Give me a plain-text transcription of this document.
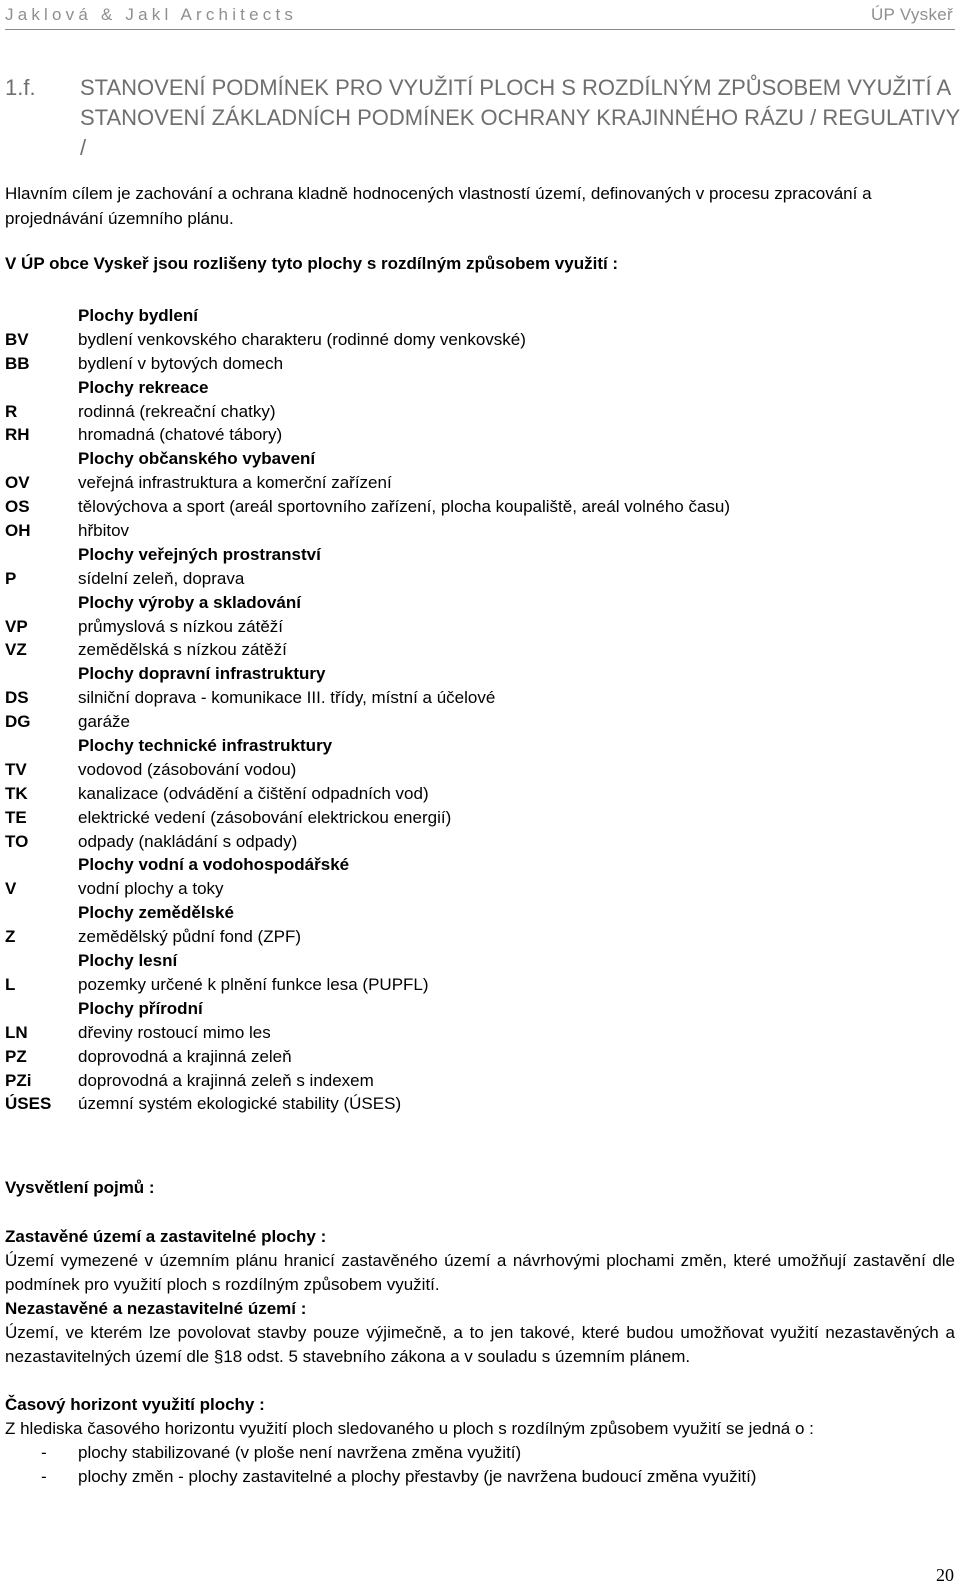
Jaklová & Jakl Architects	ÚP Vyskeř
1.f. STANOVENÍ PODMÍNEK PRO VYUŽITÍ PLOCH S ROZDÍLNÝM ZPŮSOBEM VYUŽITÍ A STANOVENÍ ZÁKLADNÍCH PODMÍNEK OCHRANY KRAJINNÉHO RÁZU / REGULATIVY /
Hlavním cílem je zachování a ochrana kladně hodnocených vlastností území, definovaných v procesu zpracování a projednávání územního plánu.
V ÚP obce Vyskeř jsou rozlišeny tyto plochy s rozdílným způsobem využití :
Plochy bydlení
BV	bydlení venkovského charakteru (rodinné domy venkovské)
BB	bydlení v bytových domech
Plochy rekreace
R	rodinná (rekreační chatky)
RH	hromadná (chatové tábory)
Plochy občanského vybavení
OV	veřejná infrastruktura a komerční zařízení
OS	tělovýchova a sport (areál sportovního zařízení, plocha koupaliště, areál volného času)
OH	hřbitov
Plochy veřejných prostranství
P	sídelní zeleň, doprava
Plochy výroby a skladování
VP	průmyslová s nízkou zátěží
VZ	zemědělská s nízkou zátěží
Plochy dopravní infrastruktury
DS	silniční doprava - komunikace III. třídy, místní a účelové
DG	garáže
Plochy technické infrastruktury
TV	vodovod (zásobování vodou)
TK	kanalizace (odvádění a čištění odpadních vod)
TE	elektrické vedení (zásobování elektrickou energií)
TO	odpady (nakládání s odpady)
Plochy vodní a vodohospodářské
V	vodní plochy a toky
Plochy zemědělské
Z	zemědělský půdní fond (ZPF)
Plochy lesní
L	pozemky určené k plnění funkce lesa (PUPFL)
Plochy přírodní
LN	dřeviny rostoucí mimo les
PZ	doprovodná a krajinná zeleň
PZi	doprovodná a krajinná zeleň s indexem
ÚSES územní systém ekologické stability (ÚSES)
Vysvětlení pojmů :
Zastavěné území a zastavitelné plochy :
Území vymezené v územním plánu hranicí zastavěného území a návrhovými plochami změn, které umožňují zastavění dle podmínek pro využití ploch s rozdílným způsobem využití.
Nezastavěné a nezastavitelné území :
Území, ve kterém lze povolovat stavby pouze výjimečně, a to jen takové, které budou umožňovat využití nezastavěných a nezastavitelných území dle §18 odst. 5 stavebního zákona a v souladu s územním plánem.
Časový horizont využití plochy :
Z hlediska časového horizontu využití ploch sledovaného u ploch s rozdílným způsobem využití se jedná o :
- plochy stabilizované (v ploše není navržena změna využití)
- plochy změn - plochy zastavitelné a plochy přestavby (je navržena budoucí změna využití)
20
